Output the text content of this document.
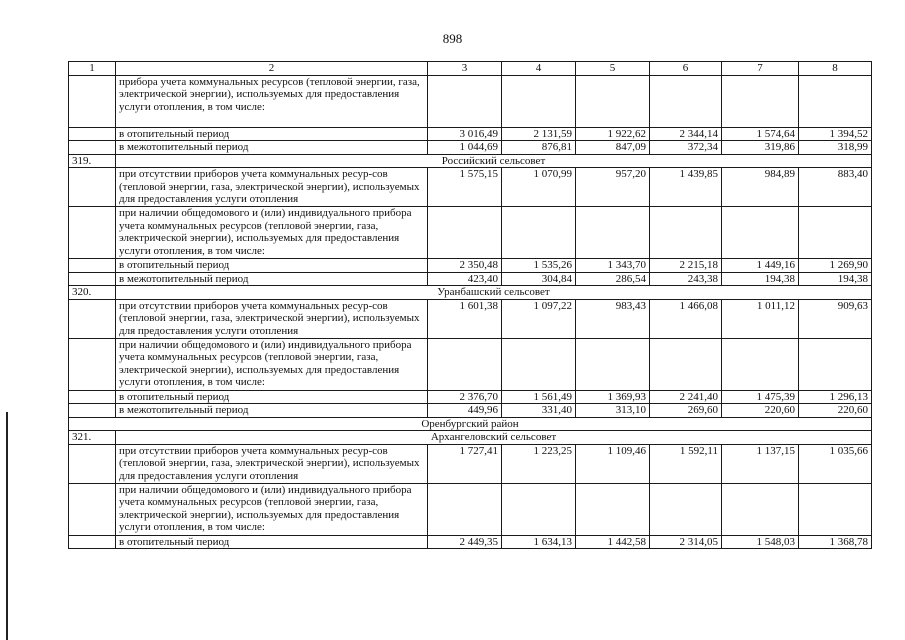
898
1	2	3	4	5	6	7	8
	прибора учета коммунальных ресурсов (тепловой энергии, газа, электрической энергии), используемых для предоставления услуги отопления, в том числе:						
	в отопительный период	3 016,49	2 131,59	1 922,62	2 344,14	1 574,64	1 394,52
	в межотопительный период	1 044,69	876,81	847,09	372,34	319,86	318,99
319.	Российский сельсовет						
	при отсутствии приборов учета коммунальных ресур-сов (тепловой энергии, газа, электрической энергии), используемых для предоставления услуги отопления	1 575,15	1 070,99	957,20	1 439,85	984,89	883,40
	при наличии общедомового и (или) индивидуального прибора учета коммунальных ресурсов (тепловой энергии, газа, электрической энергии), используемых для предоставления услуги отопления, в том числе:						
	в отопительный период	2 350,48	1 535,26	1 343,70	2 215,18	1 449,16	1 269,90
	в межотопительный период	423,40	304,84	286,54	243,38	194,38	194,38
320.	Уранбашский сельсовет						
	при отсутствии приборов учета коммунальных ресур-сов (тепловой энергии, газа, электрической энергии), используемых для предоставления услуги отопления	1 601,38	1 097,22	983,43	1 466,08	1 011,12	909,63
	при наличии общедомового и (или) индивидуального прибора учета коммунальных ресурсов (тепловой энергии, газа, электрической энергии), используемых для предоставления услуги отопления, в том числе:						
	в отопительный период	2 376,70	1 561,49	1 369,93	2 241,40	1 475,39	1 296,13
	в межотопительный период	449,96	331,40	313,10	269,60	220,60	220,60
Оренбургский район							
321.	Архангеловский сельсовет						
	при отсутствии приборов учета коммунальных ресур-сов (тепловой энергии, газа, электрической энергии), используемых для предоставления услуги отопления	1 727,41	1 223,25	1 109,46	1 592,11	1 137,15	1 035,66
	при наличии общедомового и (или) индивидуального прибора учета коммунальных ресурсов (тепловой энергии, газа, электрической энергии), используемых для предоставления услуги отопления, в том числе:						
	в отопительный период	2 449,35	1 634,13	1 442,58	2 314,05	1 548,03	1 368,78
